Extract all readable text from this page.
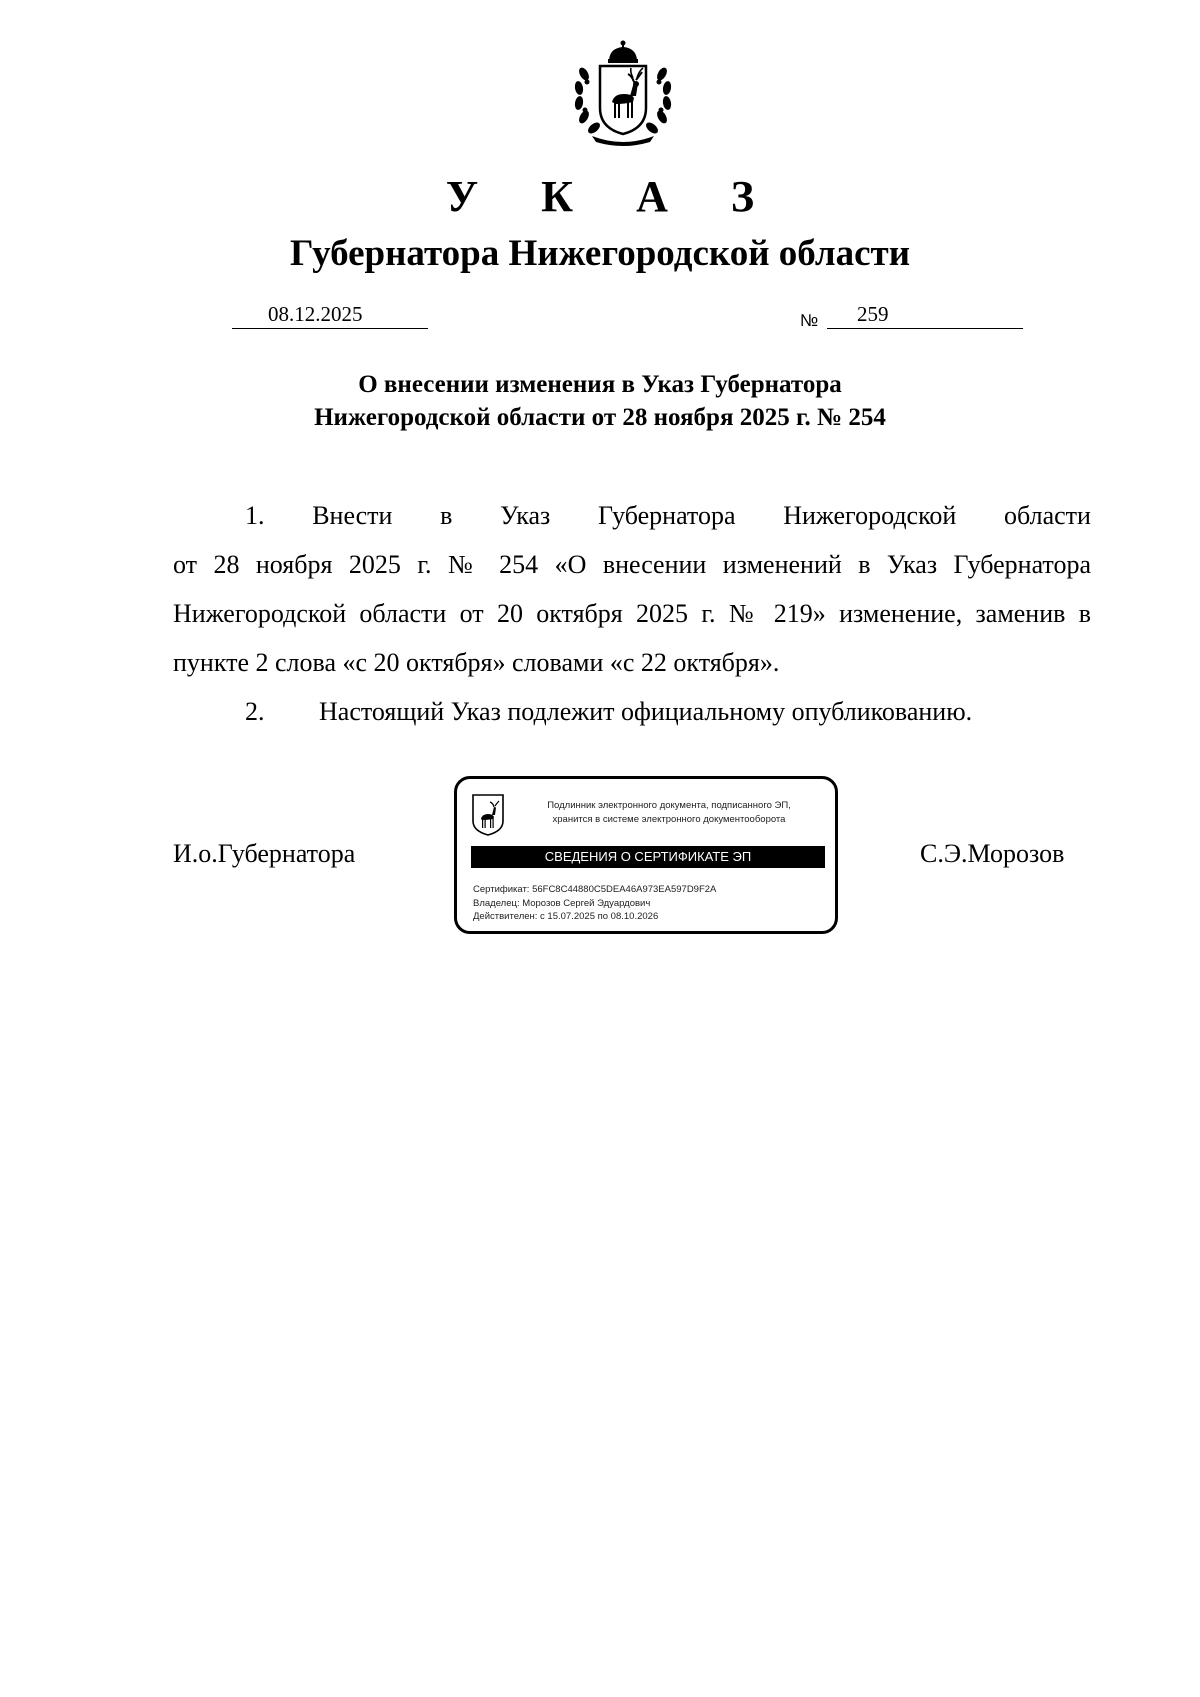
У К А З
Губернатора Нижегородской области
08.12.2025	№ 259
О внесении изменения в Указ Губернатора
Нижегородской области от 28 ноября 2025 г. № 254
1. Внести в Указ Губернатора Нижегородской области
от 28 ноября 2025 г. № 254 «О внесении изменений в Указ Губернатора Нижегородской области от 20 октября 2025 г. № 219» изменение, заменив в пункте 2 слова «с 20 октября» словами «с 22 октября».
2. Настоящий Указ подлежит официальному опубликованию.
И.о.Губернатора	С.Э.Морозов
Подлинник электронного документа, подписанного ЭП,
хранится в системе электронного документооборота
СВЕДЕНИЯ О СЕРТИФИКАТЕ ЭП
Сертификат: 56FC8C44880C5DEA46A973EA597D9F2A
Владелец: Морозов Сергей Эдуардович
Действителен: с 15.07.2025 по 08.10.2026
